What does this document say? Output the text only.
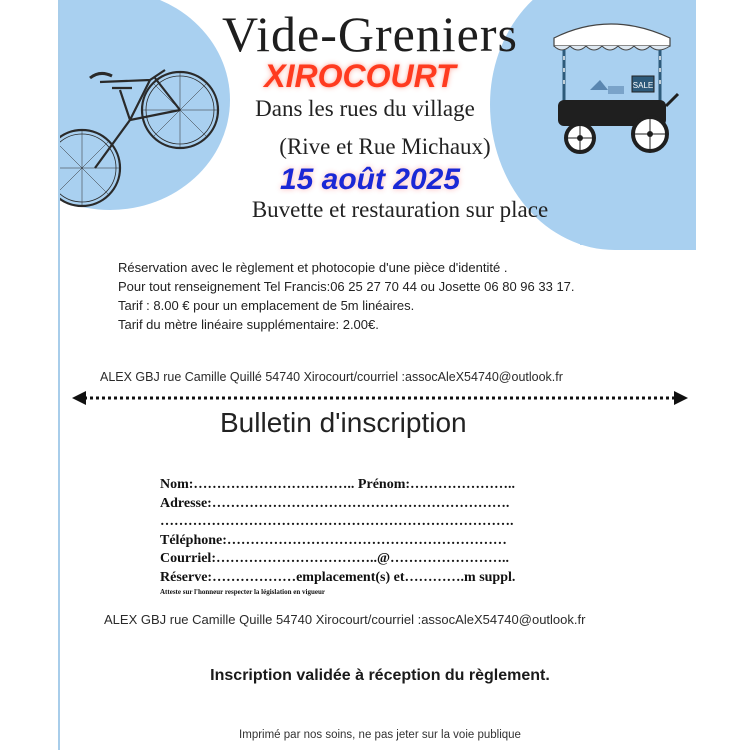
SALE
Vide-Greniers
XIROCOURT
Dans les rues du village
(Rive et Rue Michaux)
15 août 2025
Buvette et restauration sur place
Réservation avec le règlement et photocopie d'une pièce d'identité .
Pour tout renseignement Tel Francis:06 25 27 70 44 ou Josette 06 80 96 33 17.
Tarif : 8.00 € pour un emplacement de 5m linéaires.
Tarif du mètre linéaire supplémentaire: 2.00€.
ALEX GBJ rue Camille Quillé 54740 Xirocourt/courriel :assocAleX54740@outlook.fr
Bulletin d'inscription
Nom:…………………………….. Prénom:…………………..
Adresse:……………………………………………………….
………………………………………………………………….
Téléphone:……………………………………………………
Courriel:……………………………..@……………………..
Réserve:………………emplacement(s) et………….m suppl.
Atteste sur l'honneur respecter la législation en vigueur
ALEX GBJ rue Camille Quille 54740 Xirocourt/courriel :assocAleX54740@outlook.fr
Inscription validée à réception du règlement.
Imprimé par nos soins, ne pas jeter sur la voie publique
